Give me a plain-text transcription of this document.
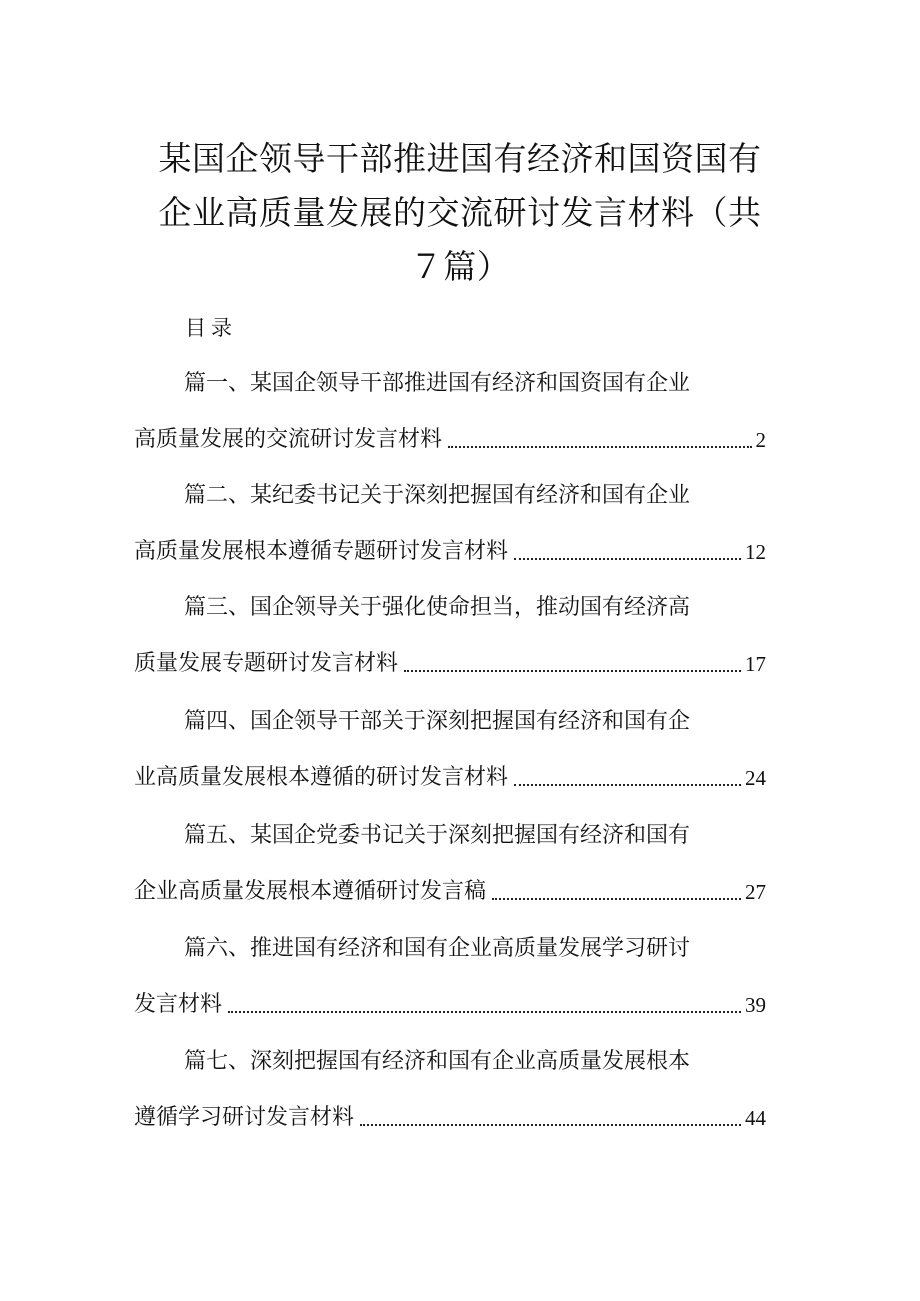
某国企领导干部推进国有经济和国资国有企业高质量发展的交流研讨发言材料（共７篇）
目录
篇一、某国企领导干部推进国有经济和国资国有企业
高质量发展的交流研讨发言材料	2
篇二、某纪委书记关于深刻把握国有经济和国有企业
高质量发展根本遵循专题研讨发言材料	12
篇三、国企领导关于强化使命担当，推动国有经济高
质量发展专题研讨发言材料	17
篇四、国企领导干部关于深刻把握国有经济和国有企
业高质量发展根本遵循的研讨发言材料	24
篇五、某国企党委书记关于深刻把握国有经济和国有
企业高质量发展根本遵循研讨发言稿	27
篇六、推进国有经济和国有企业高质量发展学习研讨
发言材料	39
篇七、深刻把握国有经济和国有企业高质量发展根本
遵循学习研讨发言材料	44
